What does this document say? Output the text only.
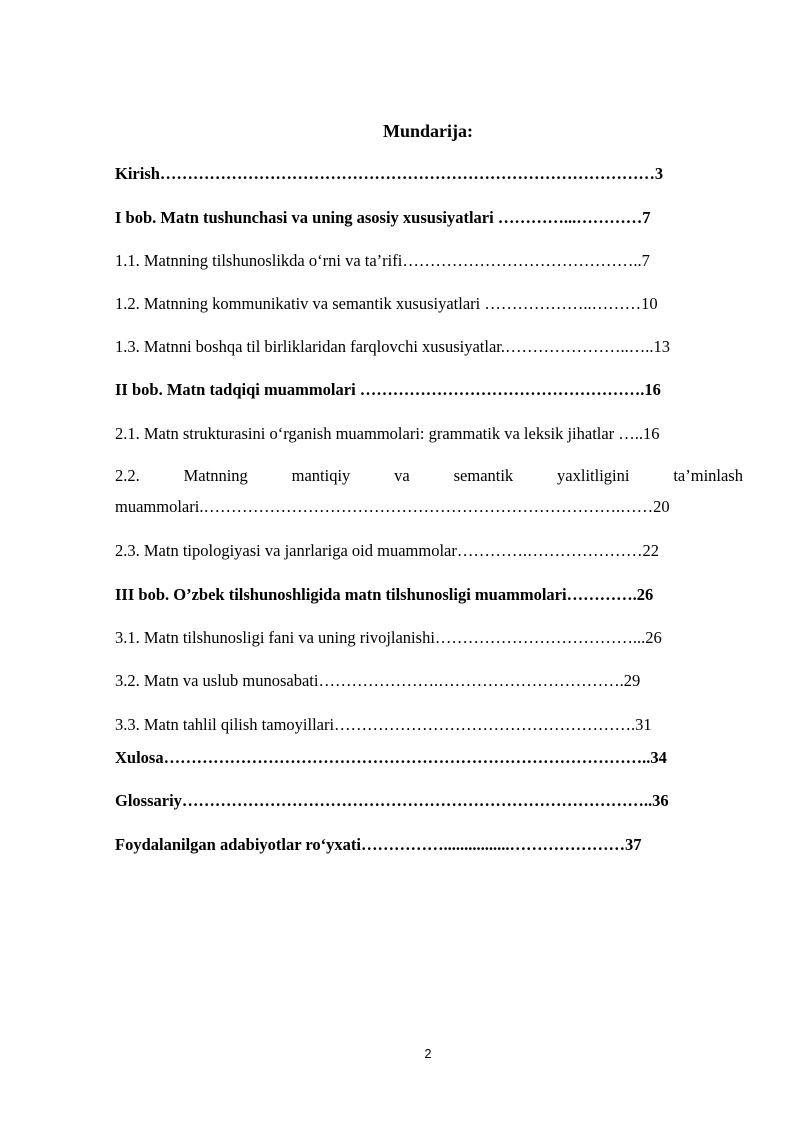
Mundarija:
Kirish………………………………………………………………………………3
I bob. Matn tushunchasi va uning asosiy xususiyatlari …………...…………7
1.1. Matnning tilshunoslikda o‘rni va ta’rifi……………………………………..7
1.2. Matnning kommunikativ va semantik xususiyatlari ………………..………10
1.3. Matnni boshqa til birliklaridan farqlovchi xususiyatlar.…………………..…..13
II bob. Matn tadqiqi muammolari …………………………………………….16
2.1. Matn strukturasini o‘rganish muammolari: grammatik va leksik jihatlar …..16
2.2.	Matnning	mantiqiy	va	semantik	yaxlitligini	ta’minlash
muammolari.………………………………………………………………….……20
2.3. Matn tipologiyasi va janrlariga oid muammolar………….…………………22
III bob. O’zbek tilshunoshligida matn tilshunosligi muammolari………….26
3.1. Matn tilshunosligi fani va uning rivojlanishi………………………………...26
3.2. Matn va uslub munosabati………………….…………………………….29
3.3. Matn tahlil qilish tamoyillari……………………………………………….31
Xulosa……………………………………………………………………………..34
Glossariy…………………………………………………………………………..36
Foydalanilgan adabiyotlar ro‘yxati……………................…………………37
2
